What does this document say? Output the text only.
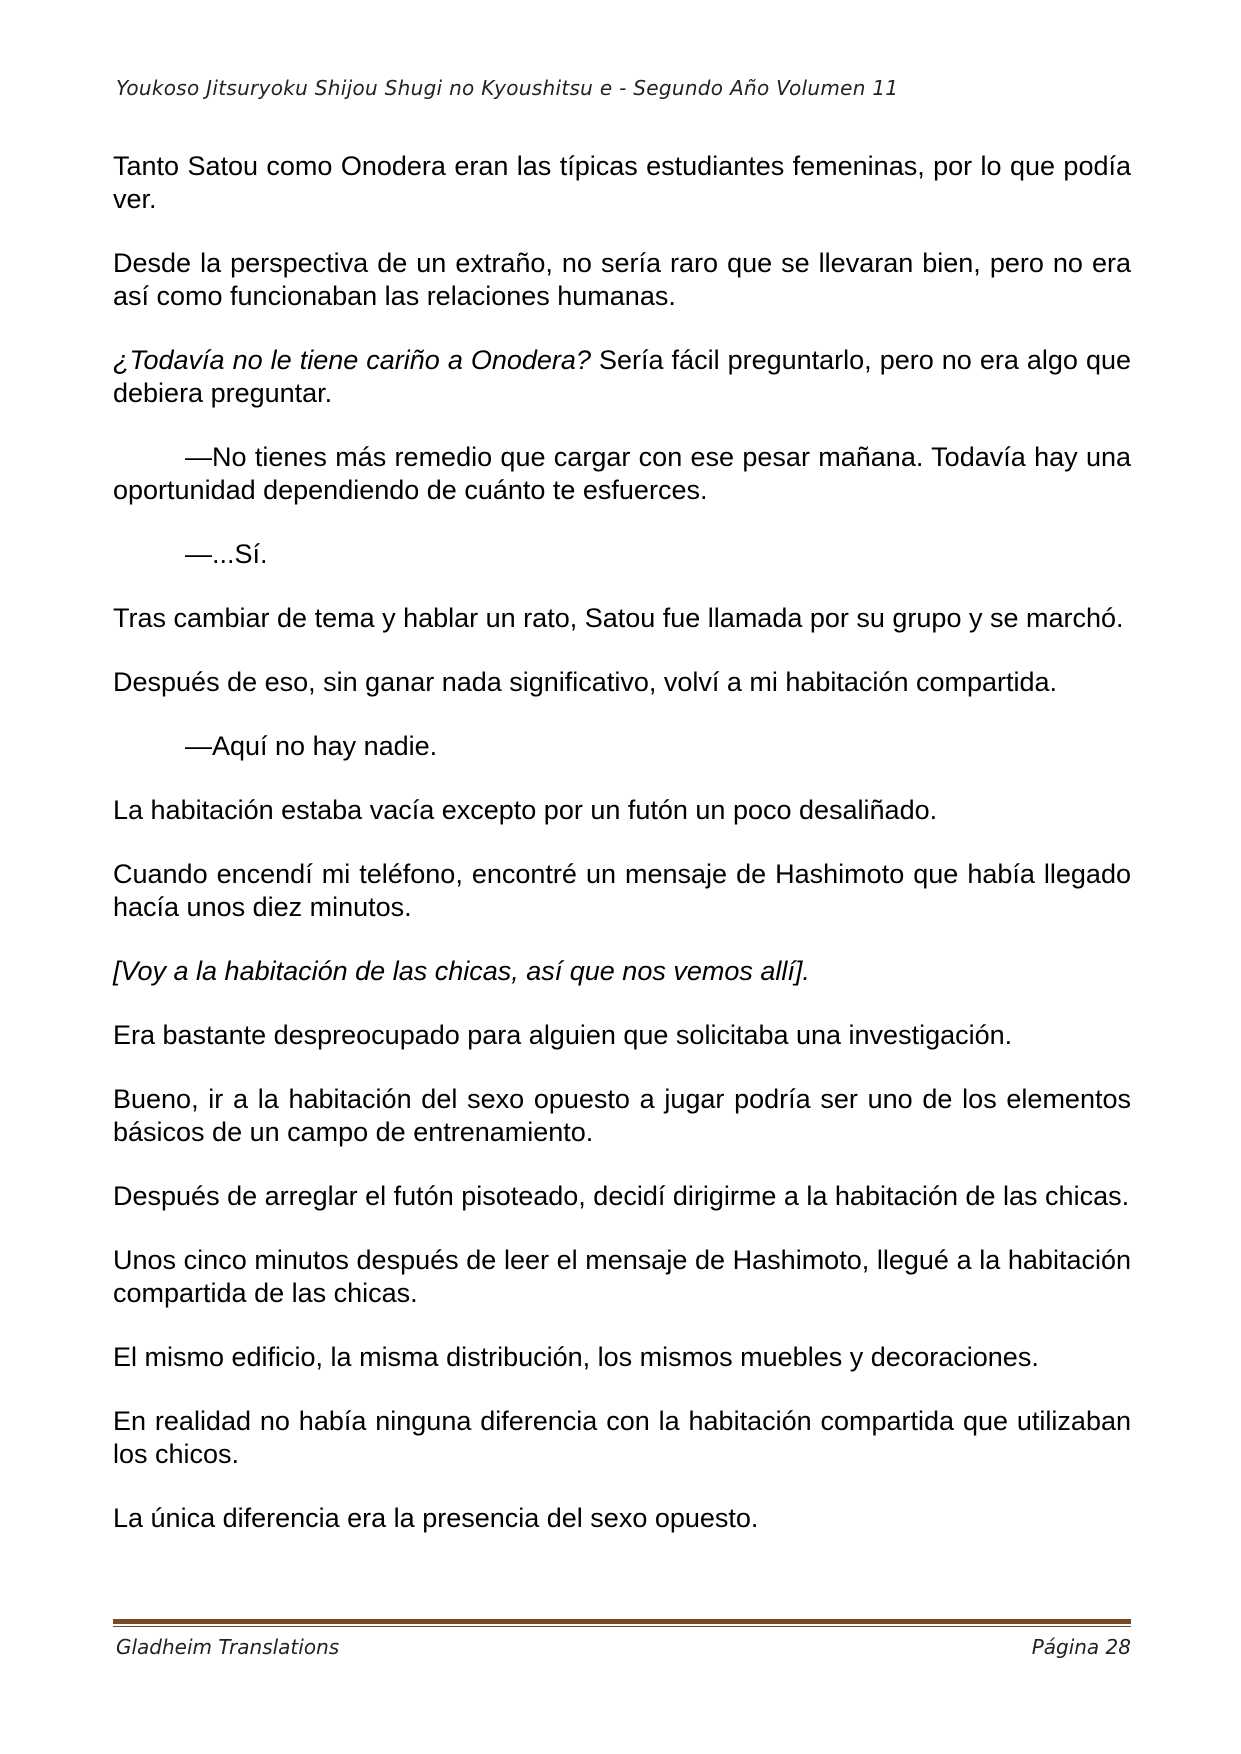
Youkoso Jitsuryoku Shijou Shugi no Kyoushitsu e - Segundo Año Volumen 11

Tanto Satou como Onodera eran las típicas estudiantes femeninas, por lo que podía ver.

Desde la perspectiva de un extraño, no sería raro que se llevaran bien, pero no era así como funcionaban las relaciones humanas.

¿Todavía no le tiene cariño a Onodera? Sería fácil preguntarlo, pero no era algo que debiera preguntar.

—No tienes más remedio que cargar con ese pesar mañana. Todavía hay una oportunidad dependiendo de cuánto te esfuerces.

—...Sí.

Tras cambiar de tema y hablar un rato, Satou fue llamada por su grupo y se marchó.

Después de eso, sin ganar nada significativo, volví a mi habitación compartida.

—Aquí no hay nadie.

La habitación estaba vacía excepto por un futón un poco desaliñado.

Cuando encendí mi teléfono, encontré un mensaje de Hashimoto que había llegado hacía unos diez minutos.

[Voy a la habitación de las chicas, así que nos vemos allí].

Era bastante despreocupado para alguien que solicitaba una investigación.

Bueno, ir a la habitación del sexo opuesto a jugar podría ser uno de los elementos básicos de un campo de entrenamiento.

Después de arreglar el futón pisoteado, decidí dirigirme a la habitación de las chicas.

Unos cinco minutos después de leer el mensaje de Hashimoto, llegué a la habitación compartida de las chicas.

El mismo edificio, la misma distribución, los mismos muebles y decoraciones.

En realidad no había ninguna diferencia con la habitación compartida que utilizaban los chicos.

La única diferencia era la presencia del sexo opuesto.

Gladheim Translations	Página 28
